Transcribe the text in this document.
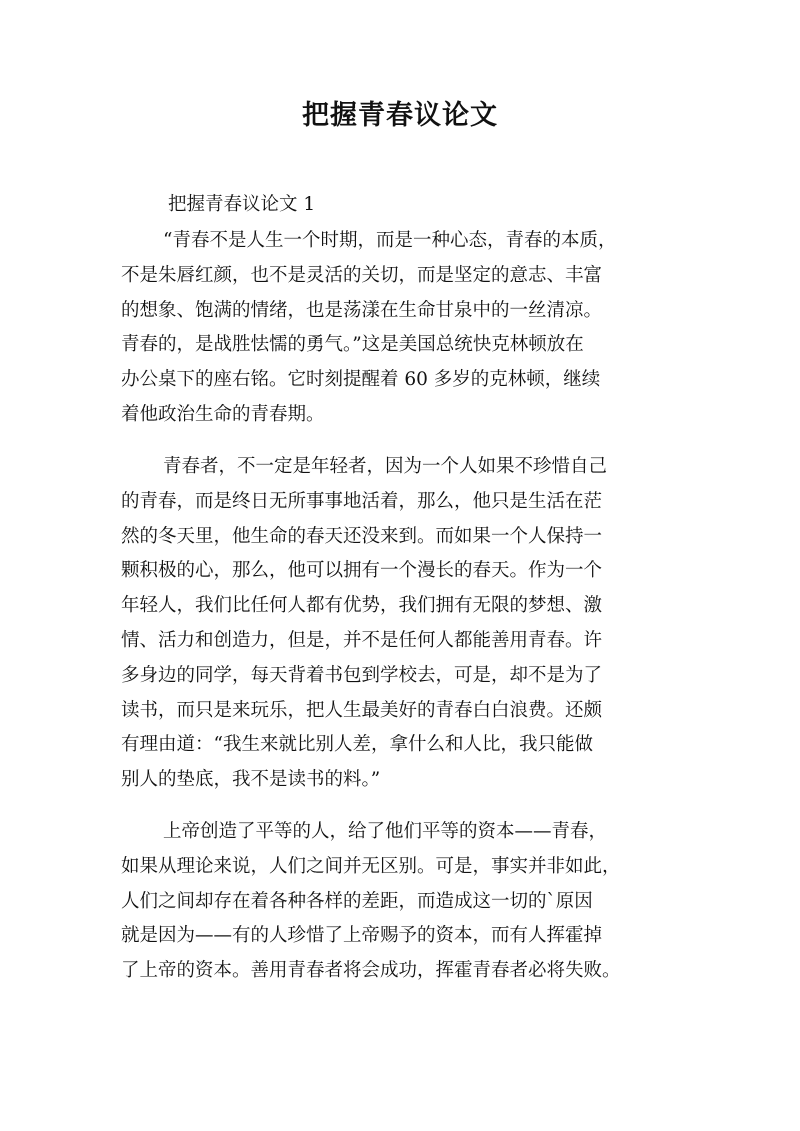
把握青春议论文
把握青春议论文 1
“青春不是人生一个时期，而是一种心态，青春的本质，
不是朱唇红颜，也不是灵活的关切，而是坚定的意志、丰富
的想象、饱满的情绪，也是荡漾在生命甘泉中的一丝清凉。
青春的，是战胜怯懦的勇气。”这是美国总统快克林顿放在
办公桌下的座右铭。它时刻提醒着 60 多岁的克林顿，继续
着他政治生命的青春期。
青春者，不一定是年轻者，因为一个人如果不珍惜自己
的青春，而是终日无所事事地活着，那么，他只是生活在茫
然的冬天里，他生命的春天还没来到。而如果一个人保持一
颗积极的心，那么，他可以拥有一个漫长的春天。作为一个
年轻人，我们比任何人都有优势，我们拥有无限的梦想、激
情、活力和创造力，但是，并不是任何人都能善用青春。许
多身边的同学，每天背着书包到学校去，可是，却不是为了
读书，而只是来玩乐，把人生最美好的青春白白浪费。还颇
有理由道：“我生来就比别人差，拿什么和人比，我只能做
别人的垫底，我不是读书的料。”
上帝创造了平等的人，给了他们平等的资本——青春，
如果从理论来说，人们之间并无区别。可是，事实并非如此，
人们之间却存在着各种各样的差距，而造成这一切的`原因
就是因为——有的人珍惜了上帝赐予的资本，而有人挥霍掉
了上帝的资本。善用青春者将会成功，挥霍青春者必将失败。
